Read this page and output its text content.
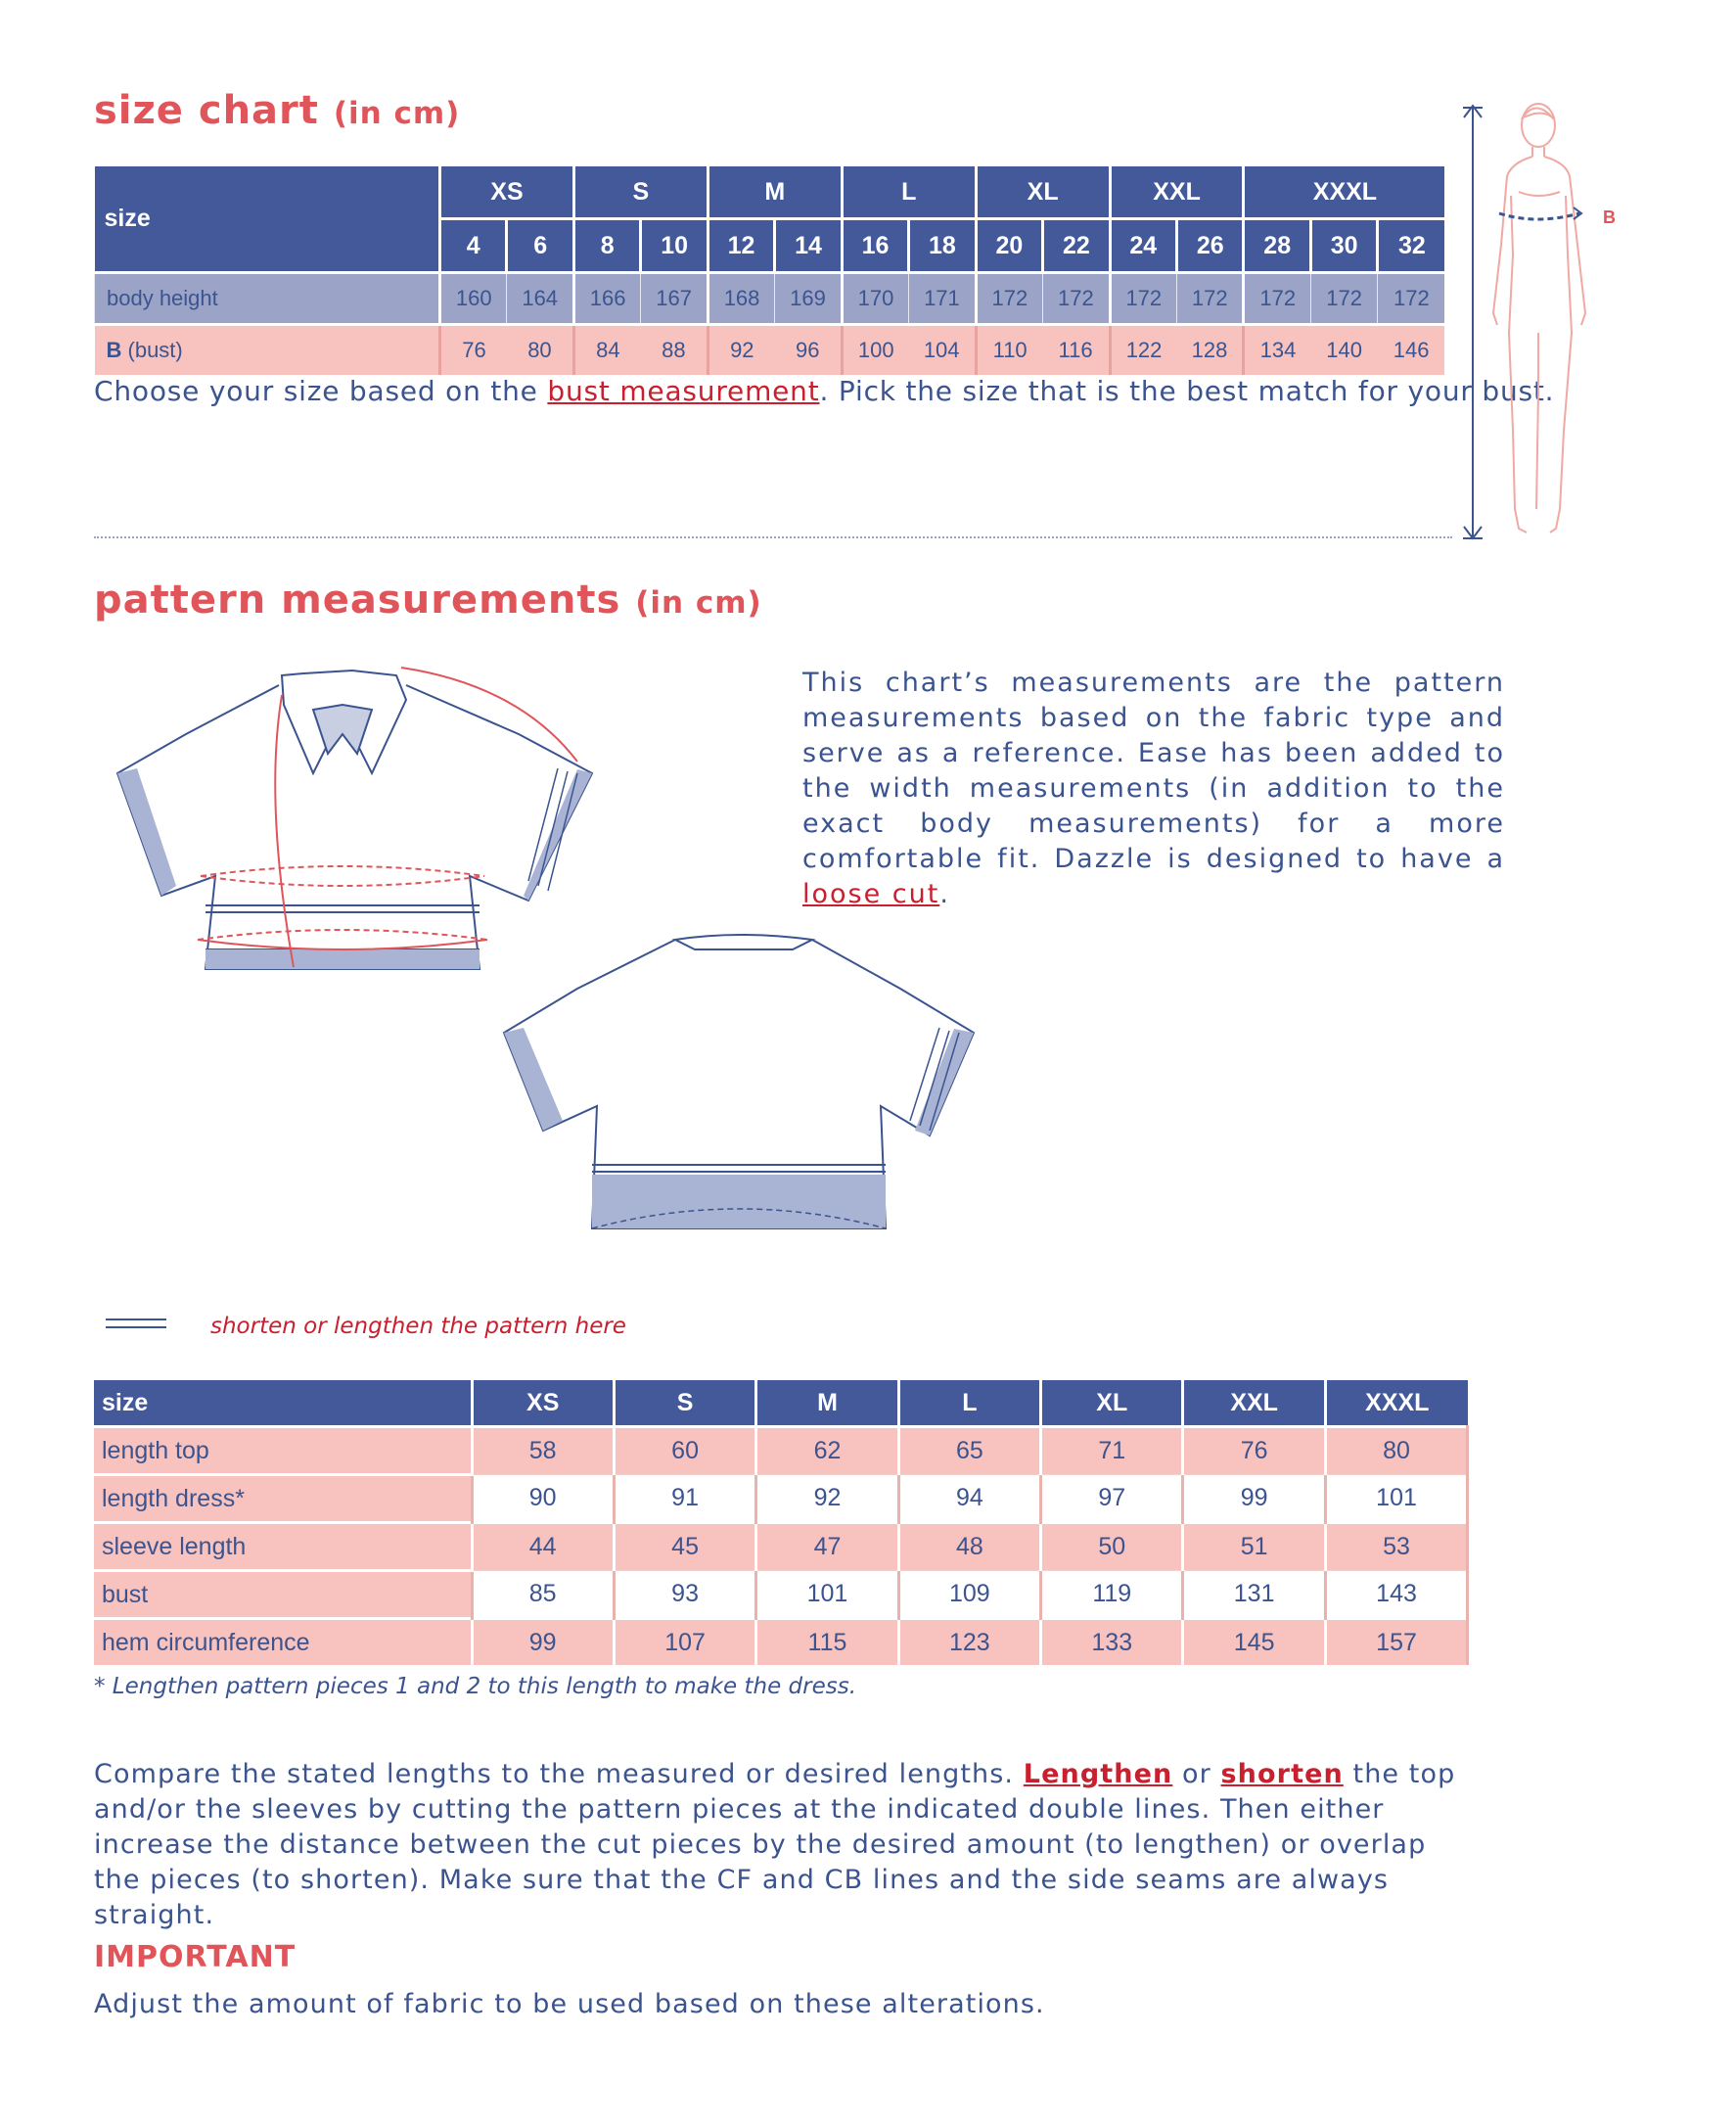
size chart (in cm)
size	XS		S		M		L		XL		XXL		XXXL		
	4	6	8	10	12	14	16	18	20	22	24	26	28	30	32
body height	160	164	166	167	168	169	170	171	172	172	172	172	172	172	172
B (bust)	76	80	84	88	92	96	100	104	110	116	122	128	134	140	146
Choose your size based on the bust measurement. Pick the size that is the best match for your bust.
B
pattern measurements (in cm)
This chart’s measurements are the pattern measurements based on the fabric type and serve as a reference. Ease has been added to the width measurements (in addition to the exact body measurements) for a more comfortable fit. Dazzle is designed to have a loose cut.
shorten or lengthen the pattern here
size	XS	S	M	L	XL	XXL	XXXL
length top	58	60	62	65	71	76	80
length dress*	90	91	92	94	97	99	101
sleeve length	44	45	47	48	50	51	53
bust	85	93	101	109	119	131	143
hem circumference	99	107	115	123	133	145	157
* Lengthen pattern pieces 1 and 2 to this length to make the dress.
Compare the stated lengths to the measured or desired lengths. Lengthen or shorten the top and/or the sleeves by cutting the pattern pieces at the indicated double lines. Then either increase the distance between the cut pieces by the desired amount (to lengthen) or overlap the pieces (to shorten). Make sure that the CF and CB lines and the side seams are always straight.
IMPORTANT
Adjust the amount of fabric to be used based on these alterations.
